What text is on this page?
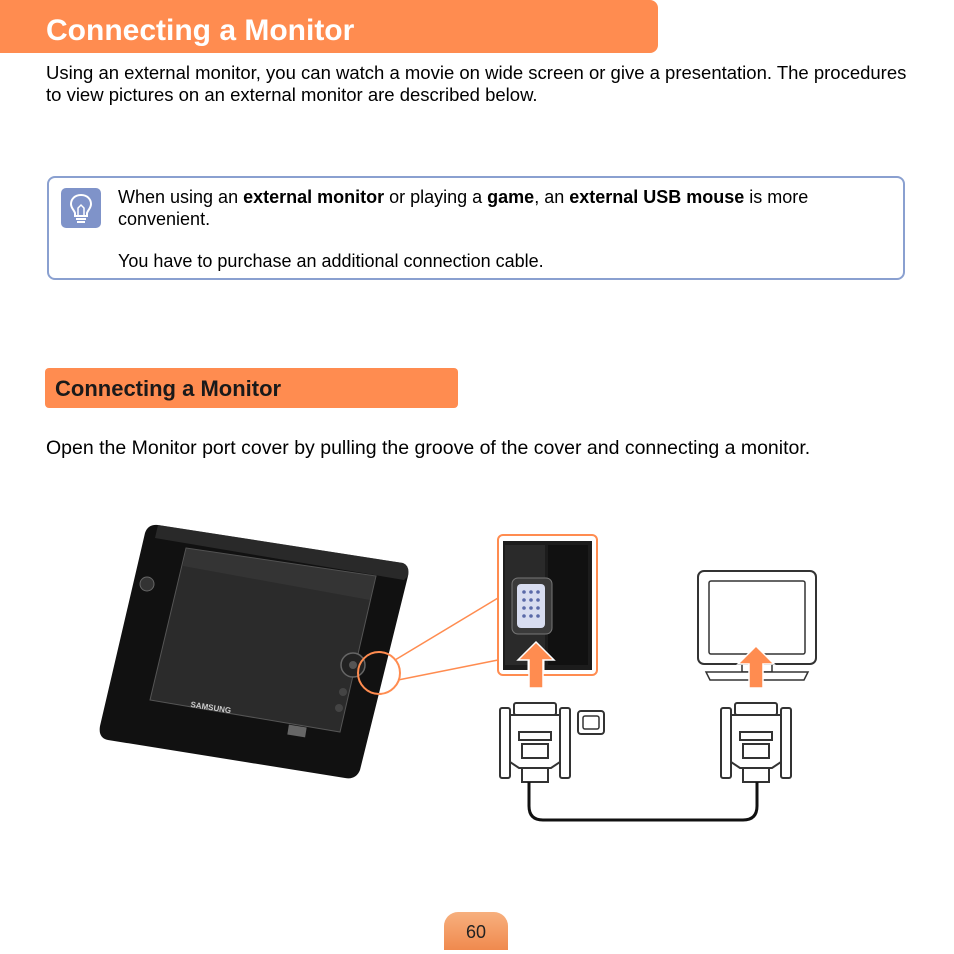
Connecting a Monitor

Using an external monitor, you can watch a movie on wide screen or give a presentation. The procedures to view pictures on an external monitor are described below.

When using an external monitor or playing a game, an external USB mouse is more convenient.

You have to purchase an additional connection cable.

Connecting a Monitor

Open the Monitor port cover by pulling the groove of the cover and connecting a monitor.

SAMSUNG
60
